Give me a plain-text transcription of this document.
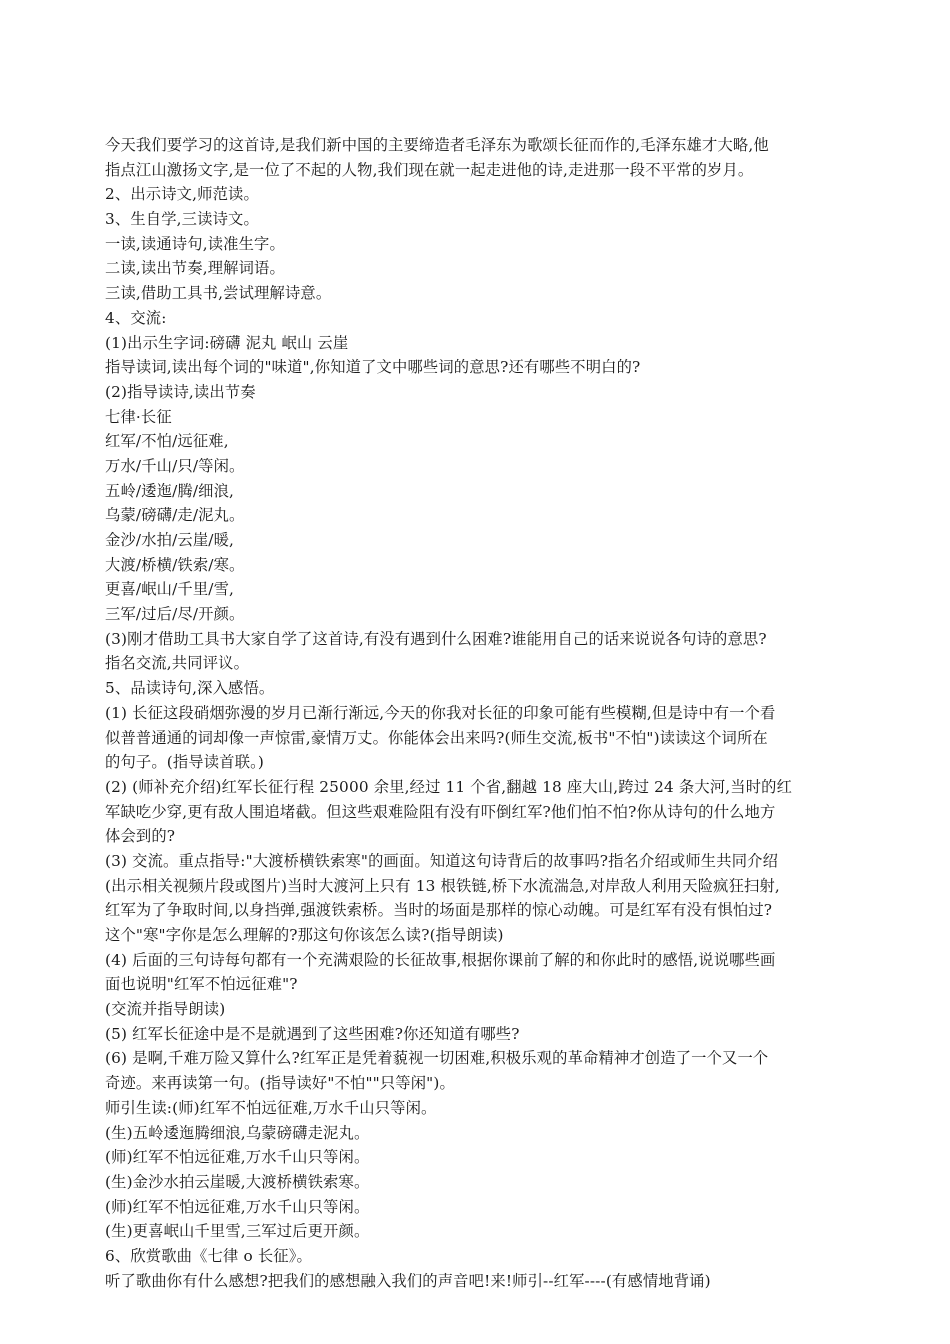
今天我们要学习的这首诗,是我们新中国的主要缔造者毛泽东为歌颂长征而作的,毛泽东雄才大略,他
指点江山激扬文字,是一位了不起的人物,我们现在就一起走进他的诗,走进那一段不平常的岁月。
2、出示诗文,师范读。
3、生自学,三读诗文。
一读,读通诗句,读准生字。
二读,读出节奏,理解词语。
三读,借助工具书,尝试理解诗意。
4、交流:
(1)出示生字词:磅礴 泥丸 岷山 云崖
指导读词,读出每个词的"味道",你知道了文中哪些词的意思?还有哪些不明白的?
(2)指导读诗,读出节奏
七律·长征
红军/不怕/远征难,
万水/千山/只/等闲。
五岭/逶迤/腾/细浪,
乌蒙/磅礴/走/泥丸。
金沙/水拍/云崖/暖,
大渡/桥横/铁索/寒。
更喜/岷山/千里/雪,
三军/过后/尽/开颜。
(3)刚才借助工具书大家自学了这首诗,有没有遇到什么困难?谁能用自己的话来说说各句诗的意思?
指名交流,共同评议。
5、品读诗句,深入感悟。
(1) 长征这段硝烟弥漫的岁月已渐行渐远,今天的你我对长征的印象可能有些模糊,但是诗中有一个看
似普普通通的词却像一声惊雷,豪情万丈。你能体会出来吗?(师生交流,板书"不怕")读读这个词所在
的句子。(指导读首联。)
(2) (师补充介绍)红军长征行程 25000 余里,经过 11 个省,翻越 18 座大山,跨过 24 条大河,当时的红
军缺吃少穿,更有敌人围追堵截。但这些艰难险阻有没有吓倒红军?他们怕不怕?你从诗句的什么地方
体会到的?
(3) 交流。重点指导:"大渡桥横铁索寒"的画面。知道这句诗背后的故事吗?指名介绍或师生共同介绍
(出示相关视频片段或图片)当时大渡河上只有 13 根铁链,桥下水流湍急,对岸敌人利用天险疯狂扫射,
红军为了争取时间,以身挡弹,强渡铁索桥。当时的场面是那样的惊心动魄。可是红军有没有惧怕过?
这个"寒"字你是怎么理解的?那这句你该怎么读?(指导朗读)
(4) 后面的三句诗每句都有一个充满艰险的长征故事,根据你课前了解的和你此时的感悟,说说哪些画
面也说明"红军不怕远征难"?
(交流并指导朗读)
(5) 红军长征途中是不是就遇到了这些困难?你还知道有哪些?
(6) 是啊,千难万险又算什么?红军正是凭着藐视一切困难,积极乐观的革命精神才创造了一个又一个
奇迹。来再读第一句。(指导读好"不怕""只等闲")。
师引生读:(师)红军不怕远征难,万水千山只等闲。
(生)五岭逶迤腾细浪,乌蒙磅礴走泥丸。
(师)红军不怕远征难,万水千山只等闲。
(生)金沙水拍云崖暖,大渡桥横铁索寒。
(师)红军不怕远征难,万水千山只等闲。
(生)更喜岷山千里雪,三军过后更开颜。
6、欣赏歌曲《七律 o 长征》。
听了歌曲你有什么感想?把我们的感想融入我们的声音吧!来!师引--红军----(有感情地背诵)
